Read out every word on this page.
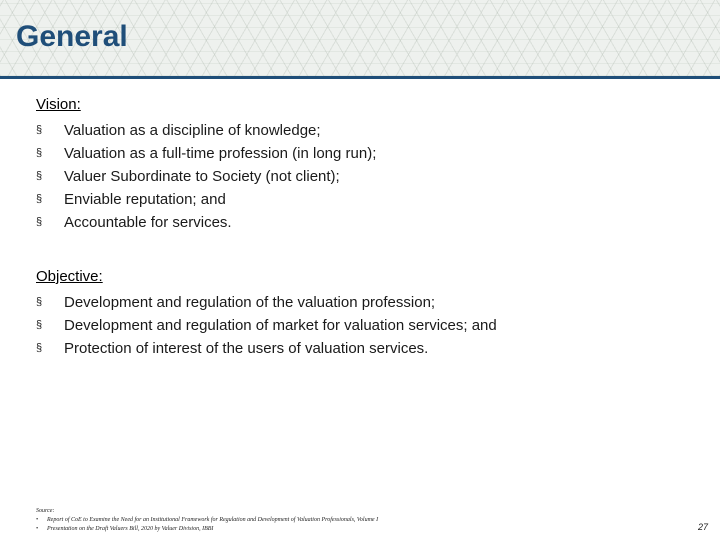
General
Vision:
§	Valuation as a discipline of knowledge;
§	Valuation as a full-time profession (in long run);
§	Valuer Subordinate to Society (not client);
§	Enviable reputation; and
§	Accountable for services.
Objective:
§	Development and regulation of the valuation profession;
§	Development and regulation of market for valuation services; and
§	Protection of interest of the users of valuation services.
Source:
• Report of CoE to Examine the Need for an Institutional Framework for Regulation and Development of Valuation Professionals, Volume I
• Presentation on the Draft Valuers Bill, 2020 by Valuer Division, IBBI	27
